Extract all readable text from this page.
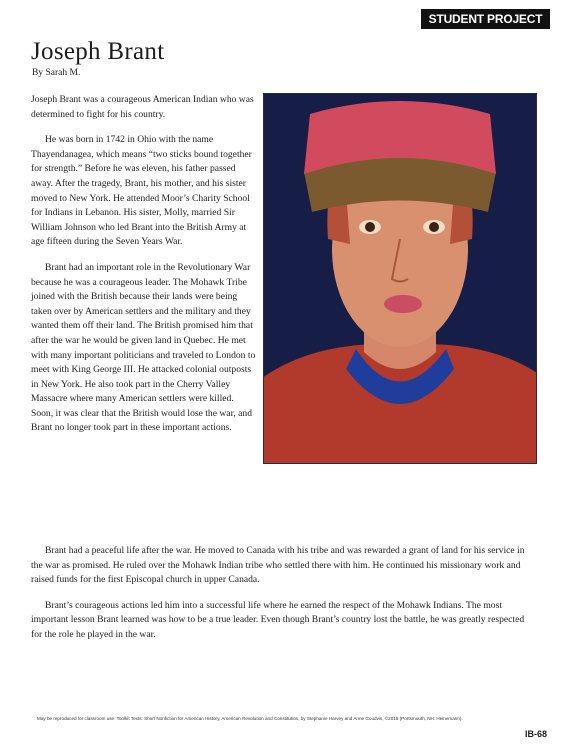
STUDENT PROJECT
Joseph Brant
By Sarah M.

Joseph Brant was a courageous American Indian who was determined to fight for his country.

He was born in 1742 in Ohio with the name Thayendanagea, which means “two sticks bound together for strength.” Before he was eleven, his father passed away. After the tragedy, Brant, his mother, and his sister moved to New York. He attended Moor’s Charity School for Indians in Lebanon. His sister, Molly, married Sir William Johnson who led Brant into the British Army at age fifteen during the Seven Years War.

Brant had an important role in the Revolutionary War because he was a courageous leader. The Mohawk Tribe joined with the British because their lands were being taken over by American settlers and the military and they wanted them off their land. The British promised him that after the war he would be given land in Quebec. He met with many important politicians and traveled to London to meet with King George III. He attacked colonial outposts in New York. He also took part in the Cherry Valley Massacre where many American settlers were killed. Soon, it was clear that the British would lose the war, and Brant no longer took part in these important actions.

Brant had a peaceful life after the war. He moved to Canada with his tribe and was rewarded a grant of land for his service in the war as promised. He ruled over the Mohawk Indian tribe who settled there with him. He continued his missionary work and raised funds for the first Episcopal church in upper Canada.

Brant’s courageous actions led him into a successful life where he earned the respect of the Mohawk Indians. The most important lesson Brant learned was how to be a true leader. Even though Brant’s country lost the battle, he was greatly respected for the role he played in the war.

May be reproduced for classroom use. Toolkit Texts: Short Nonfiction for American History, American Revolution and Constitution, by Stephanie Harvey and Anne Goudvis, ©2015 (Portsmouth, NH: Heinemann).
IB-68
